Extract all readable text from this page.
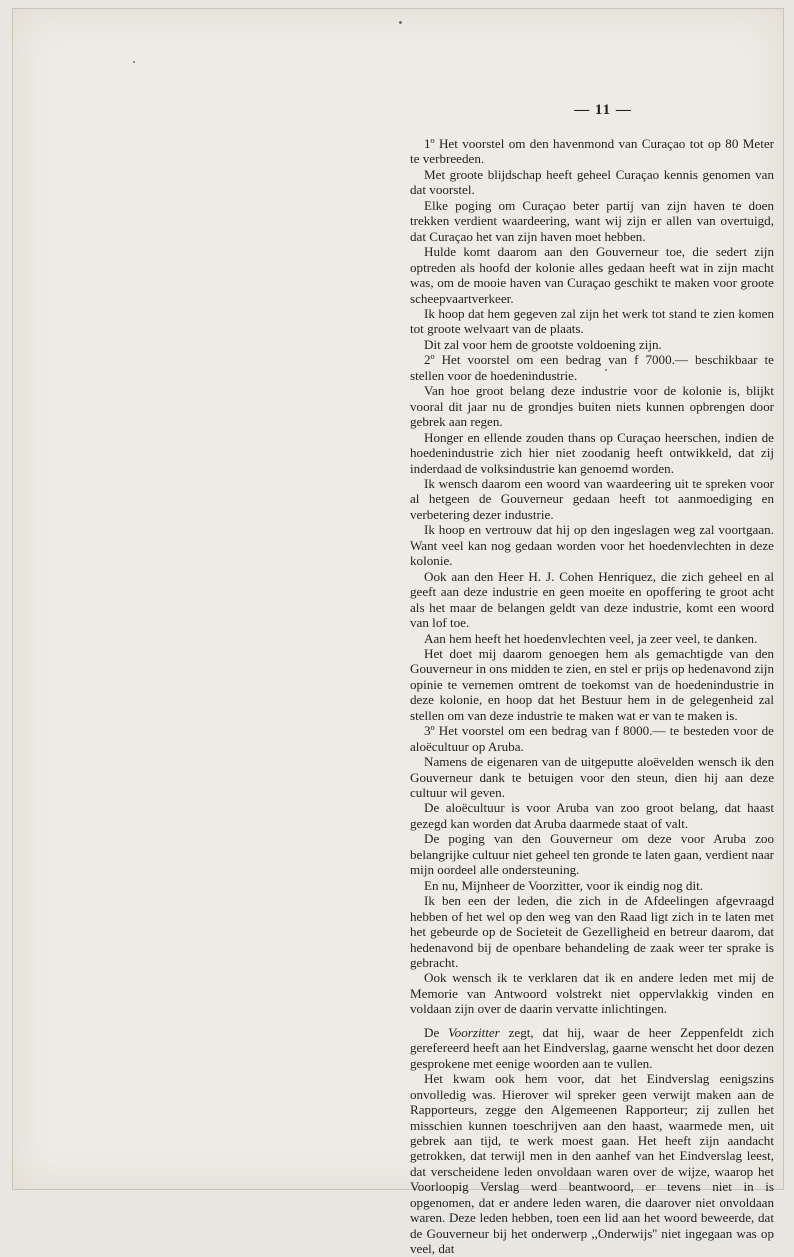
— 11 —

1º Het voorstel om den havenmond van Curaçao tot op 80 Meter te verbreeden.

Met groote blijdschap heeft geheel Curaçao kennis genomen van dat voorstel.

Elke poging om Curaçao beter partij van zijn haven te doen trekken verdient waardeering, want wij zijn er allen van overtuigd, dat Curaçao het van zijn haven moet hebben.

Hulde komt daarom aan den Gouverneur toe, die sedert zijn optreden als hoofd der kolonie alles gedaan heeft wat in zijn macht was, om de mooie haven van Curaçao geschikt te maken voor groote scheepvaartverkeer.

Ik hoop dat hem gegeven zal zijn het werk tot stand te zien komen tot groote welvaart van de plaats.

Dit zal voor hem de grootste voldoening zijn.

2º Het voorstel om een bedrag van f 7000.— beschikbaar te stellen voor de hoedenindustrie.

Van hoe groot belang deze industrie voor de kolonie is, blijkt vooral dit jaar nu de grondjes buiten niets kunnen opbrengen door gebrek aan regen.

Honger en ellende zouden thans op Curaçao heerschen, indien de hoedenindustrie zich hier niet zoodanig heeft ontwikkeld, dat zij inderdaad de volksindustrie kan genoemd worden.

Ik wensch daarom een woord van waardeering uit te spreken voor al hetgeen de Gouverneur gedaan heeft tot aanmoediging en verbetering dezer industrie.

Ik hoop en vertrouw dat hij op den ingeslagen weg zal voortgaan. Want veel kan nog gedaan worden voor het hoedenvlechten in deze kolonie.

Ook aan den Heer H. J. Cohen Henriquez, die zich geheel en al geeft aan deze industrie en geen moeite en opoffering te groot acht als het maar de belangen geldt van deze industrie, komt een woord van lof toe.

Aan hem heeft het hoedenvlechten veel, ja zeer veel, te danken.

Het doet mij daarom genoegen hem als gemachtigde van den Gouverneur in ons midden te zien, en stel er prijs op hedenavond zijn opinie te vernemen omtrent de toekomst van de hoedenindustrie in deze kolonie, en hoop dat het Bestuur hem in de gelegenheid zal stellen om van deze industrie te maken wat er van te maken is.

3º Het voorstel om een bedrag van f 8000.— te besteden voor de aloëcultuur op Aruba.

Namens de eigenaren van de uitgeputte aloëvelden wensch ik den Gouverneur dank te betuigen voor den steun, dien hij aan deze cultuur wil geven.

De aloëcultuur is voor Aruba van zoo groot belang, dat haast gezegd kan worden dat Aruba daarmede staat of valt.

De poging van den Gouverneur om deze voor Aruba zoo belangrijke cultuur niet geheel ten gronde te laten gaan, verdient naar mijn oordeel alle ondersteuning.

En nu, Mijnheer de Voorzitter, voor ik eindig nog dit.

Ik ben een der leden, die zich in de Afdeelingen afgevraagd hebben of het wel op den weg van den Raad ligt zich in te laten met het gebeurde op de Societeit de Gezelligheid en betreur daarom, dat hedenavond bij de openbare behandeling de zaak weer ter sprake is gebracht.

Ook wensch ik te verklaren dat ik en andere leden met mij de Memorie van Antwoord volstrekt niet oppervlakkig vinden en voldaan zijn over de daarin vervatte inlichtingen.

De Voorzitter zegt, dat hij, waar de heer Zeppenfeldt zich gerefereerd heeft aan het Eindverslag, gaarne wenscht het door dezen gesprokene met eenige woorden aan te vullen.

Het kwam ook hem voor, dat het Eindverslag eenigszins onvolledig was. Hierover wil spreker geen verwijt maken aan de Rapporteurs, zegge den Algemeenen Rapporteur; zij zullen het misschien kunnen toeschrijven aan den haast, waarmede men, uit gebrek aan tijd, te werk moest gaan. Het heeft zijn aandacht getrokken, dat terwijl men in den aanhef van het Eindverslag leest, dat verscheidene leden onvoldaan waren over de wijze, waarop het Voorloopig Verslag werd beantwoord, er tevens niet in is opgenomen, dat er andere leden waren, die daarover niet onvoldaan waren. Deze leden hebben, toen een lid aan het woord beweerde, dat de Gouverneur bij het onderwerp ,,Onderwijs'' niet ingegaan was op veel, dat
